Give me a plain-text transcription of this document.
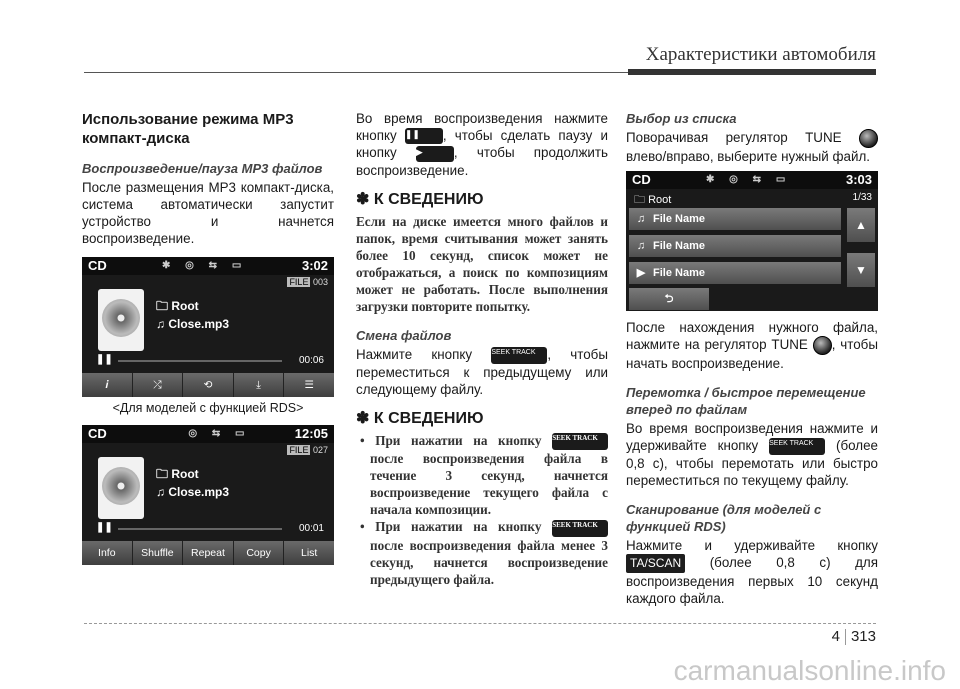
Характеристики автомобиля
Использование режима MP3 компакт-диска
Воспроизведение/пауза MP3 файлов

После размещения MP3 компакт-диска, система автоматически запустит устройство и начнется воспроизведение.

CD	✱ ◎ ⇆ ▭	3:02
FILE 003
🗀 Root
♫ Close.mp3
❚❚	00:06
𝒊	⤮	⟲	⤓	☰
<Для моделей с функцией RDS>
CD	◎ ⇆ ▭	12:05
FILE 027
🗀 Root
♫ Close.mp3
❚❚	00:01
Info	Shuffle	Repeat	Copy	List

Во время воспроизведения нажмите кнопку ❚❚	, чтобы сделать паузу и кнопку ▶	, чтобы продолжить воспроизведение.

✽ К СВЕДЕНИЮ

Если на диске имеется много файлов и папок, время считывания может занять более 10 секунд, список может не отображаться, а поиск по композициям может не работать. После выполнения загрузки повторите попытку.

Смена файлов

Нажмите кнопку	SEEK TRACK , чтобы переместиться к предыдущему или следующему файлу.

✽ К СВЕДЕНИЮ

• При нажатии на кнопку SEEK TRACK
после воспроизведения файла в течение 3 секунд, начнется воспроизведение текущего файла с начала композиции.

• При нажатии на кнопку SEEK TRACK
после воспроизведения файла менее 3 секунд, начнется воспроизведение предыдущего файла.

Выбор из списка

Поворачивая регулятор TUNE  влево/вправо, выберите нужный файл.

CD	✱ ◎ ⇆ ▭	3:03
🗀 Root	1/33
♫ File Name
♫ File Name
▶ File Name
▲
▼
⮌

После нахождения нужного файла, нажмите на регулятор TUNE , чтобы начать воспроизведение.

Перемотка / быстрое перемещение вперед по файлам

Во время воспроизведения нажмите и удерживайте кнопку SEEK TRACK	(более 0,8 с), чтобы перемотать или быстро переместиться по текущему файлу.

Сканирование (для моделей с функцией RDS)

Нажмите и удерживайте кнопку TA/SCAN (более 0,8 с) для воспроизведения первых 10 секунд каждого файла.

4 313
carmanualsonline.info
